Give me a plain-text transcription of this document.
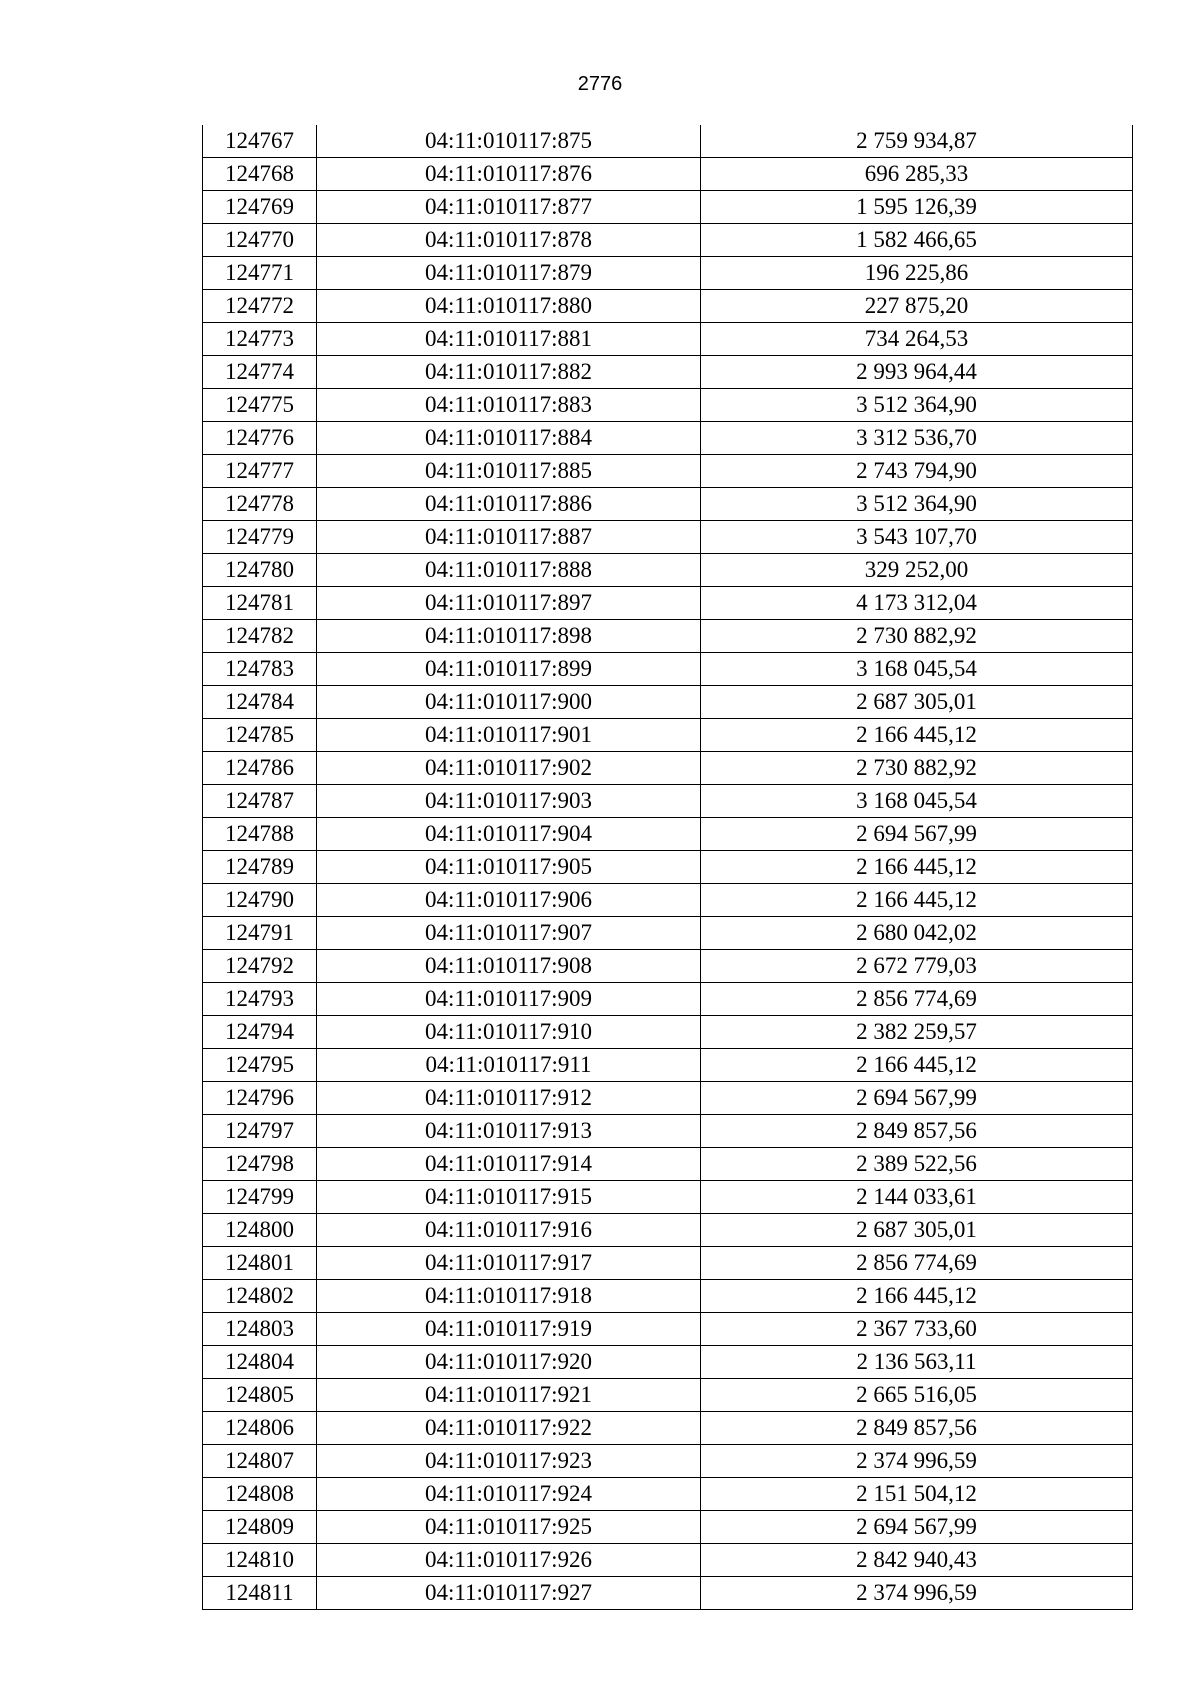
2776
124767	04:11:010117:875	2 759 934,87
124768	04:11:010117:876	696 285,33
124769	04:11:010117:877	1 595 126,39
124770	04:11:010117:878	1 582 466,65
124771	04:11:010117:879	196 225,86
124772	04:11:010117:880	227 875,20
124773	04:11:010117:881	734 264,53
124774	04:11:010117:882	2 993 964,44
124775	04:11:010117:883	3 512 364,90
124776	04:11:010117:884	3 312 536,70
124777	04:11:010117:885	2 743 794,90
124778	04:11:010117:886	3 512 364,90
124779	04:11:010117:887	3 543 107,70
124780	04:11:010117:888	329 252,00
124781	04:11:010117:897	4 173 312,04
124782	04:11:010117:898	2 730 882,92
124783	04:11:010117:899	3 168 045,54
124784	04:11:010117:900	2 687 305,01
124785	04:11:010117:901	2 166 445,12
124786	04:11:010117:902	2 730 882,92
124787	04:11:010117:903	3 168 045,54
124788	04:11:010117:904	2 694 567,99
124789	04:11:010117:905	2 166 445,12
124790	04:11:010117:906	2 166 445,12
124791	04:11:010117:907	2 680 042,02
124792	04:11:010117:908	2 672 779,03
124793	04:11:010117:909	2 856 774,69
124794	04:11:010117:910	2 382 259,57
124795	04:11:010117:911	2 166 445,12
124796	04:11:010117:912	2 694 567,99
124797	04:11:010117:913	2 849 857,56
124798	04:11:010117:914	2 389 522,56
124799	04:11:010117:915	2 144 033,61
124800	04:11:010117:916	2 687 305,01
124801	04:11:010117:917	2 856 774,69
124802	04:11:010117:918	2 166 445,12
124803	04:11:010117:919	2 367 733,60
124804	04:11:010117:920	2 136 563,11
124805	04:11:010117:921	2 665 516,05
124806	04:11:010117:922	2 849 857,56
124807	04:11:010117:923	2 374 996,59
124808	04:11:010117:924	2 151 504,12
124809	04:11:010117:925	2 694 567,99
124810	04:11:010117:926	2 842 940,43
124811	04:11:010117:927	2 374 996,59
